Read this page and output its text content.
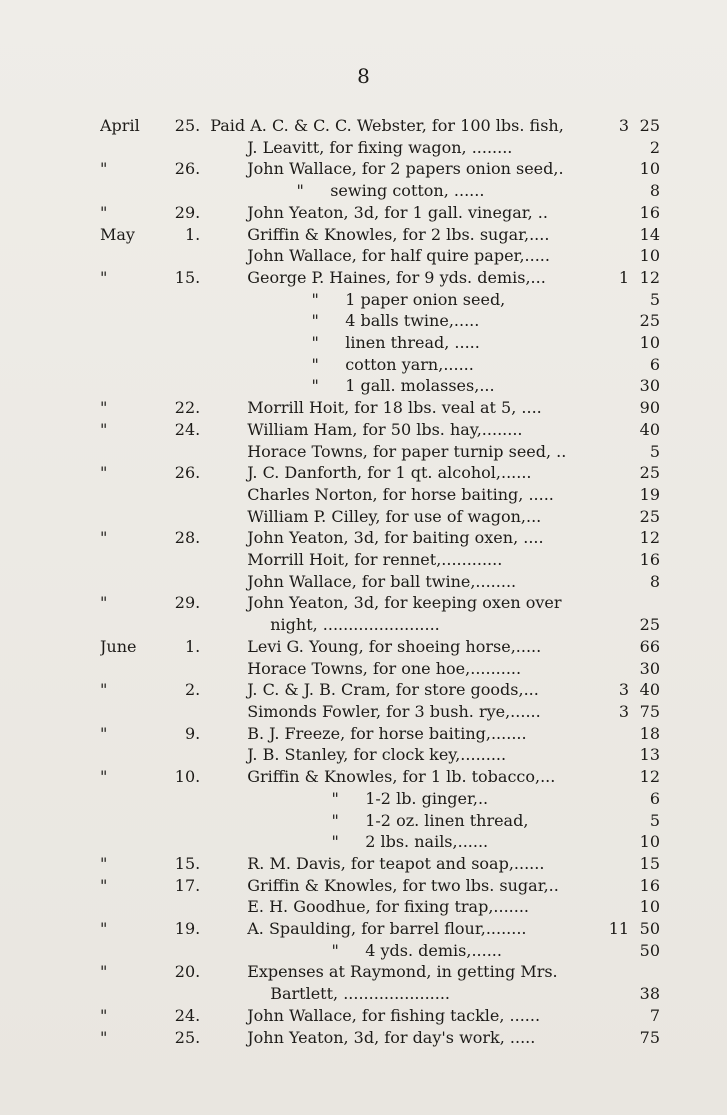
8
April	25.	Paid A. C. & C. C. Webster, for 100 lbs. fish,	3	25
		J. Leavitt, for fixing wagon, ........		2
"	26.	John Wallace, for 2 papers onion seed,.		10
		" sewing cotton, ......		8
"	29.	John Yeaton, 3d, for 1 gall. vinegar, ..		16
May	1.	Griffin & Knowles, for 2 lbs. sugar,....		14
		John Wallace, for half quire paper,.....		10
"	15.	George P. Haines, for 9 yds. demis,...	1	12
		" 1 paper onion seed,		5
		" 4 balls twine,.....		25
		" linen thread, .....		10
		" cotton yarn,......		6
		" 1 gall. molasses,...		30
"	22.	Morrill Hoit, for 18 lbs. veal at 5, ....		90
"	24.	William Ham, for 50 lbs. hay,........		40
		Horace Towns, for paper turnip seed, ..		5
"	26.	J. C. Danforth, for 1 qt. alcohol,......		25
		Charles Norton, for horse baiting, .....		19
		William P. Cilley, for use of wagon,...		25
"	28.	John Yeaton, 3d, for baiting oxen, ....		12
		Morrill Hoit, for rennet,............		16
		John Wallace, for ball twine,........		8
"	29.	John Yeaton, 3d, for keeping oxen over		
		night, .......................		25
June	1.	Levi G. Young, for shoeing horse,.....		66
		Horace Towns, for one hoe,..........		30
"	2.	J. C. & J. B. Cram, for store goods,...	3	40
		Simonds Fowler, for 3 bush. rye,......	3	75
"	9.	B. J. Freeze, for horse baiting,.......		18
		J. B. Stanley, for clock key,.........		13
"	10.	Griffin & Knowles, for 1 lb. tobacco,...		12
		" 1-2 lb. ginger,..		6
		" 1-2 oz. linen thread,		5
		" 2 lbs. nails,......		10
"	15.	R. M. Davis, for teapot and soap,......		15
"	17.	Griffin & Knowles, for two lbs. sugar,..		16
		E. H. Goodhue, for fixing trap,.......		10
"	19.	A. Spaulding, for barrel flour,........	11	50
		" 4 yds. demis,......		50
"	20.	Expenses at Raymond, in getting Mrs.		
		Bartlett, .....................		38
"	24.	John Wallace, for fishing tackle, ......		7
"	25.	John Yeaton, 3d, for day's work, .....		75
